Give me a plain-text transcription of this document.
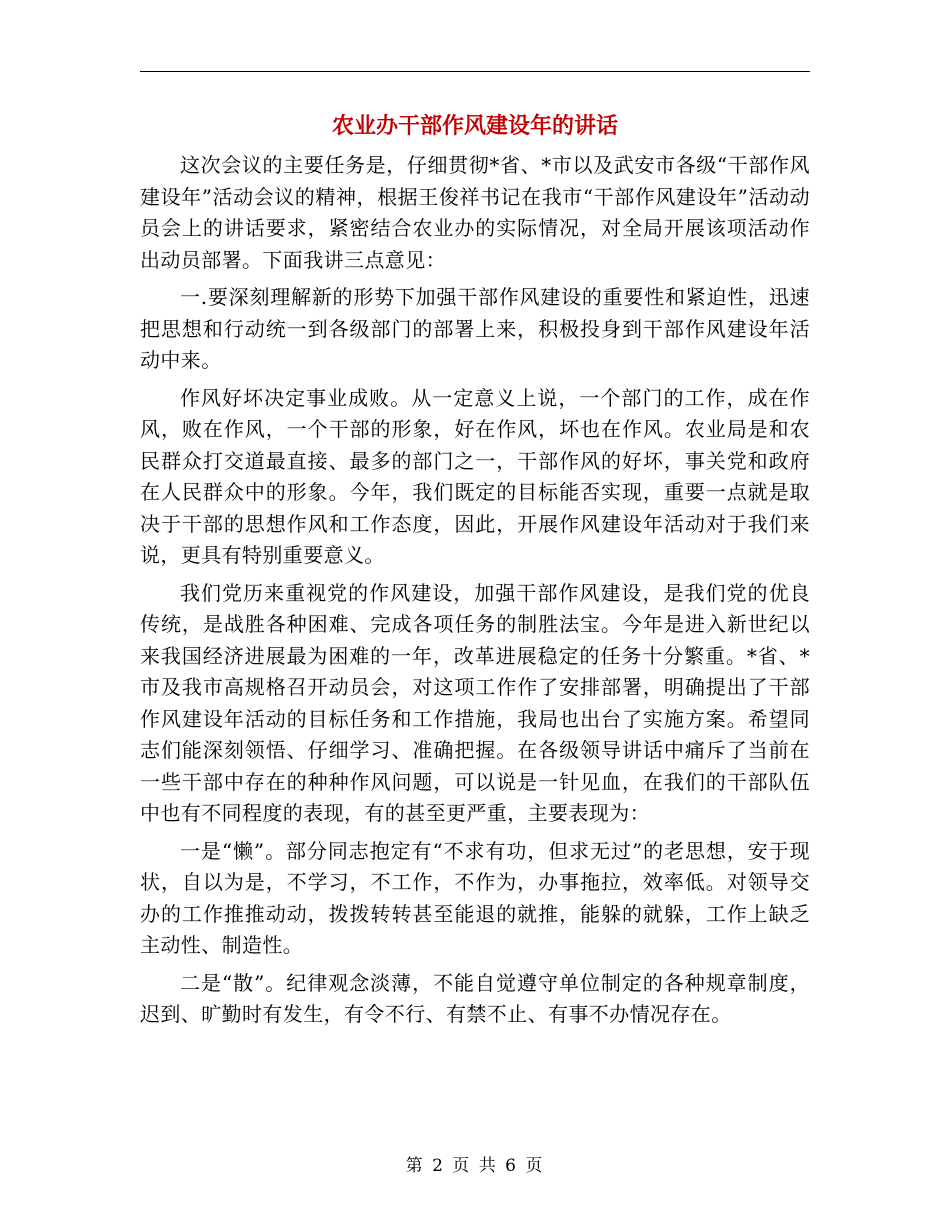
农业办干部作风建设年的讲话

这次会议的主要任务是，仔细贯彻*省、*市以及武安市各级“干部作风建设年”活动会议的精神，根据王俊祥书记在我市“干部作风建设年”活动动员会上的讲话要求，紧密结合农业办的实际情况，对全局开展该项活动作出动员部署。下面我讲三点意见：

一.要深刻理解新的形势下加强干部作风建设的重要性和紧迫性，迅速把思想和行动统一到各级部门的部署上来，积极投身到干部作风建设年活动中来。

作风好坏决定事业成败。从一定意义上说，一个部门的工作，成在作风，败在作风，一个干部的形象，好在作风，坏也在作风。农业局是和农民群众打交道最直接、最多的部门之一，干部作风的好坏，事关党和政府在人民群众中的形象。今年，我们既定的目标能否实现，重要一点就是取决于干部的思想作风和工作态度，因此，开展作风建设年活动对于我们来说，更具有特别重要意义。

我们党历来重视党的作风建设，加强干部作风建设，是我们党的优良传统，是战胜各种困难、完成各项任务的制胜法宝。今年是进入新世纪以来我国经济进展最为困难的一年，改革进展稳定的任务十分繁重。*省、*市及我市高规格召开动员会，对这项工作作了安排部署，明确提出了干部作风建设年活动的目标任务和工作措施，我局也出台了实施方案。希望同志们能深刻领悟、仔细学习、准确把握。在各级领导讲话中痛斥了当前在一些干部中存在的种种作风问题，可以说是一针见血，在我们的干部队伍中也有不同程度的表现，有的甚至更严重，主要表现为：

一是“懒”。部分同志抱定有“不求有功，但求无过”的老思想，安于现状，自以为是，不学习，不工作，不作为，办事拖拉，效率低。对领导交办的工作推推动动，拨拨转转甚至能退的就推，能躲的就躲，工作上缺乏主动性、制造性。

二是“散”。纪律观念淡薄，不能自觉遵守单位制定的各种规章制度，迟到、旷勤时有发生，有令不行、有禁不止、有事不办情况存在。

第 2 页 共 6 页
